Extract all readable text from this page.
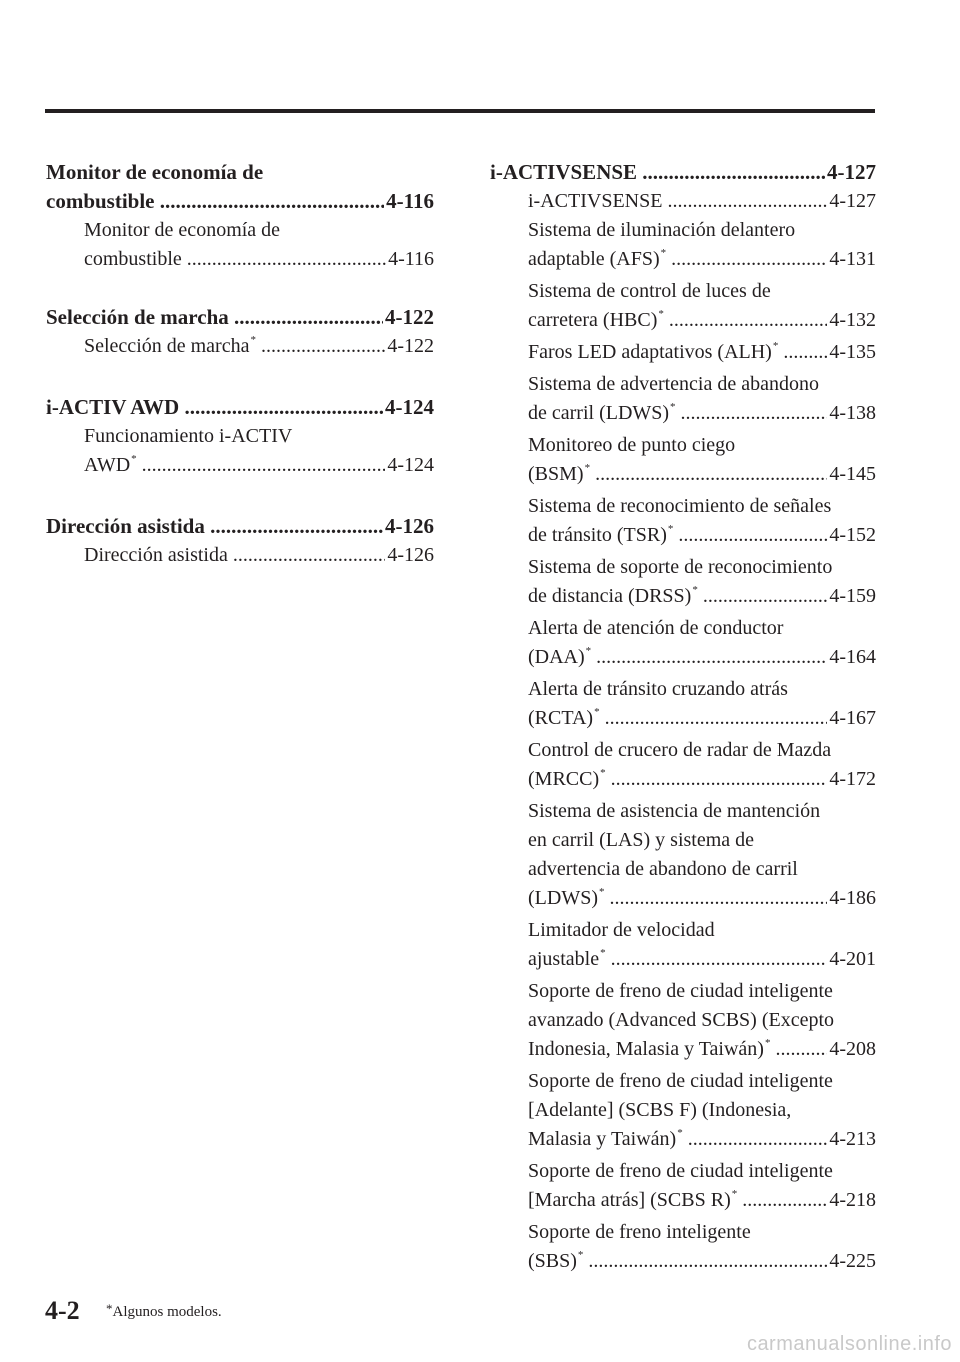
Monitor de economía de
combustible .....	4-116
Monitor de economía de
combustible .....	4-116
Selección de marcha .....	4-122
Selección de marcha* .....	4-122
i-ACTIV AWD .....	4-124
Funcionamiento i-ACTIV
AWD* .....	4-124
Dirección asistida .....	4-126
Dirección asistida .....	4-126
i-ACTIVSENSE .....	4-127
i-ACTIVSENSE .....	4-127
Sistema de iluminación delantero
adaptable (AFS)* .....	4-131
Sistema de control de luces de
carretera (HBC)* .....	4-132
Faros LED adaptativos (ALH)* .....	4-135
Sistema de advertencia de abandono
de carril (LDWS)* .....	4-138
Monitoreo de punto ciego
(BSM)* .....	4-145
Sistema de reconocimiento de señales
de tránsito (TSR)* .....	4-152
Sistema de soporte de reconocimiento
de distancia (DRSS)* .....	4-159
Alerta de atención de conductor
(DAA)* .....	4-164
Alerta de tránsito cruzando atrás
(RCTA)* .....	4-167
Control de crucero de radar de Mazda
(MRCC)* .....	4-172
Sistema de asistencia de mantención
en carril (LAS) y sistema de
advertencia de abandono de carril
(LDWS)* .....	4-186
Limitador de velocidad
ajustable* .....	4-201
Soporte de freno de ciudad inteligente
avanzado (Advanced SCBS) (Excepto
Indonesia, Malasia y Taiwán)* .....	4-208
Soporte de freno de ciudad inteligente
[Adelante] (SCBS F) (Indonesia,
Malasia y Taiwán)* .....	4-213
Soporte de freno de ciudad inteligente
[Marcha atrás] (SCBS R)* .....	4-218
Soporte de freno inteligente
(SBS)* .....	4-225
4-2 *Algunos modelos.
carmanualsonline.info
